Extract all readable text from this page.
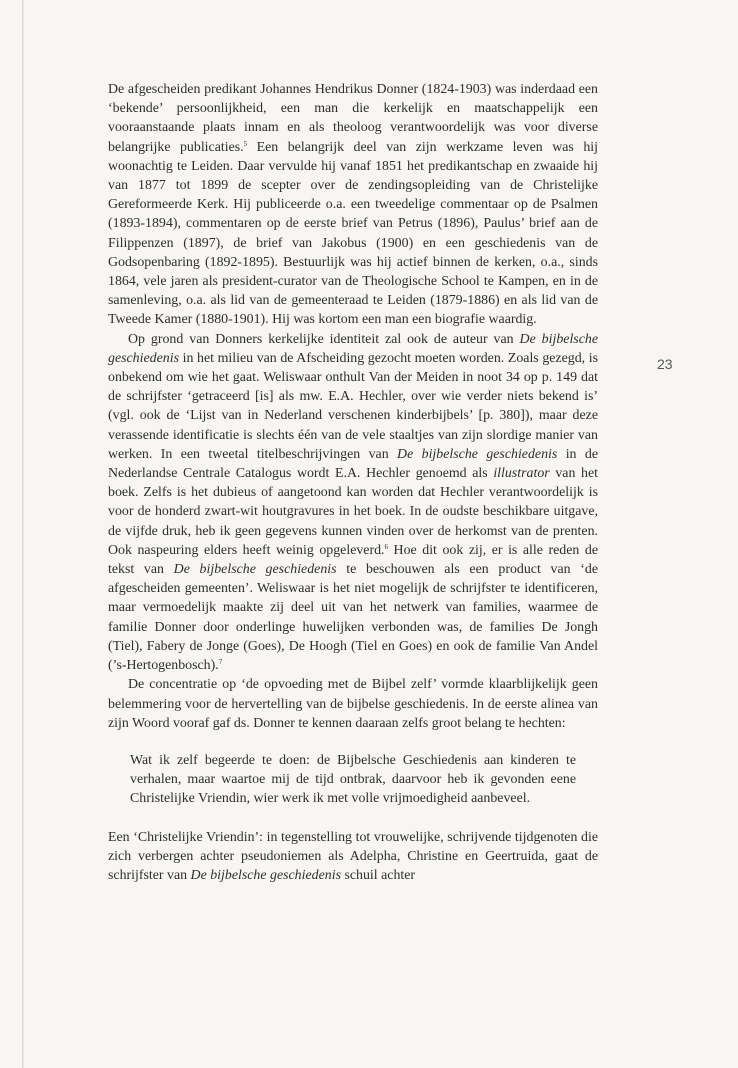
23

De afgescheiden predikant Johannes Hendrikus Donner (1824-1903) was inderdaad een ‘bekende’ persoonlijkheid, een man die kerkelijk en maatschappelijk een vooraanstaande plaats innam en als theoloog verantwoordelijk was voor diverse belangrijke publicaties.$^5$ Een belangrijk deel van zijn werkzame leven was hij woonachtig te Leiden. Daar vervulde hij vanaf 1851 het predikantschap en zwaaide hij van 1877 tot 1899 de scepter over de zendingsopleiding van de Christelijke Gereformeerde Kerk. Hij publiceerde o.a. een tweedelige commentaar op de Psalmen (1893-1894), commentaren op de eerste brief van Petrus (1896), Paulus’ brief aan de Filippenzen (1897), de brief van Jakobus (1900) en een geschiedenis van de Godsopenbaring (1892-1895). Bestuurlijk was hij actief binnen de kerken, o.a., sinds 1864, vele jaren als president-curator van de Theologische School te Kampen, en in de samenleving, o.a. als lid van de gemeenteraad te Leiden (1879-1886) en als lid van de Tweede Kamer (1880-1901). Hij was kortom een man een biografie waardig.

Op grond van Donners kerkelijke identiteit zal ook de auteur van De bijbelsche geschiedenis in het milieu van de Afscheiding gezocht moeten worden. Zoals gezegd, is onbekend om wie het gaat. Weliswaar onthult Van der Meiden in noot 34 op p. 149 dat de schrijfster ‘getraceerd [is] als mw. E.A. Hechler, over wie verder niets bekend is’ (vgl. ook de ‘Lijst van in Nederland verschenen kinderbijbels’ [p. 380]), maar deze verassende identificatie is slechts één van de vele staaltjes van zijn slordige manier van werken. In een tweetal titelbeschrijvingen van De bijbelsche geschiedenis in de Nederlandse Centrale Catalogus wordt E.A. Hechler genoemd als illustrator van het boek. Zelfs is het dubieus of aangetoond kan worden dat Hechler verantwoordelijk is voor de honderd zwart-wit houtgravures in het boek. In de oudste beschikbare uitgave, de vijfde druk, heb ik geen gegevens kunnen vinden over de herkomst van de prenten. Ook naspeuring elders heeft weinig opgeleverd.$^6$ Hoe dit ook zij, er is alle reden de tekst van De bijbelsche geschiedenis te beschouwen als een product van ‘de afgescheiden gemeenten’. Weliswaar is het niet mogelijk de schrijfster te identificeren, maar vermoedelijk maakte zij deel uit van het netwerk van families, waarmee de familie Donner door onderlinge huwelijken verbonden was, de families De Jongh (Tiel), Fabery de Jonge (Goes), De Hoogh (Tiel en Goes) en ook de familie Van Andel (’s-Hertogenbosch).$^7$

De concentratie op ‘de opvoeding met de Bijbel zelf’ vormde klaarblijkelijk geen belemmering voor de hervertelling van de bijbelse geschiedenis. In de eerste alinea van zijn Woord vooraf gaf ds. Donner te kennen daaraan zelfs groot belang te hechten:

Wat ik zelf begeerde te doen: de Bijbelsche Geschiedenis aan kinderen te verhalen, maar waartoe mij de tijd ontbrak, daarvoor heb ik gevonden eene Christelijke Vriendin, wier werk ik met volle vrijmoedigheid aanbeveel.

Een ‘Christelijke Vriendin’: in tegenstelling tot vrouwelijke, schrijvende tijdgenoten die zich verbergen achter pseudoniemen als Adelpha, Christine en Geertruida, gaat de schrijfster van De bijbelsche geschiedenis schuil achter
